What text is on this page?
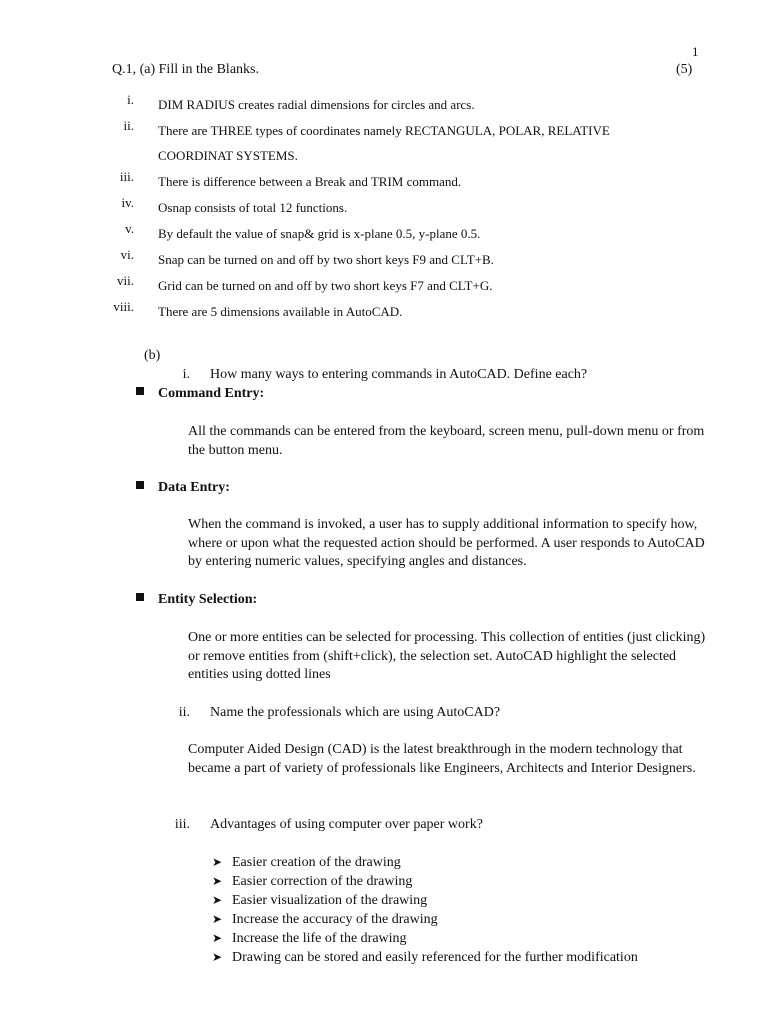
1
Q.1, (a) Fill in the Blanks.	(5)
i. DIM RADIUS creates radial dimensions for circles and arcs.
ii. There are THREE types of coordinates namely RECTANGULA, POLAR, RELATIVE
COORDINAT SYSTEMS.
iii. There is difference between a Break and TRIM command.
iv. Osnap consists of total 12 functions.
v. By default the value of snap& grid is x-plane 0.5, y-plane 0.5.
vi. Snap can be turned on and off by two short keys F9 and CLT+B.
vii. Grid can be turned on and off by two short keys F7 and CLT+G.
viii. There are 5 dimensions available in AutoCAD.
(b)
i. How many ways to entering commands in AutoCAD. Define each?
Command Entry:
All the commands can be entered from the keyboard, screen menu, pull-down menu or from the button menu.
Data Entry:
When the command is invoked, a user has to supply additional information to specify how, where or upon what the requested action should be performed. A user responds to AutoCAD by entering numeric values, specifying angles and distances.
Entity Selection:
One or more entities can be selected for processing. This collection of entities (just clicking) or remove entities from (shift+click), the selection set. AutoCAD highlight the selected entities using dotted lines
ii. Name the professionals which are using AutoCAD?
Computer Aided Design (CAD) is the latest breakthrough in the modern technology that became a part of variety of professionals like Engineers, Architects and Interior Designers.
iii. Advantages of using computer over paper work?
➤ Easier creation of the drawing
➤ Easier correction of the drawing
➤ Easier visualization of the drawing
➤ Increase the accuracy of the drawing
➤ Increase the life of the drawing
➤ Drawing can be stored and easily referenced for the further modification
